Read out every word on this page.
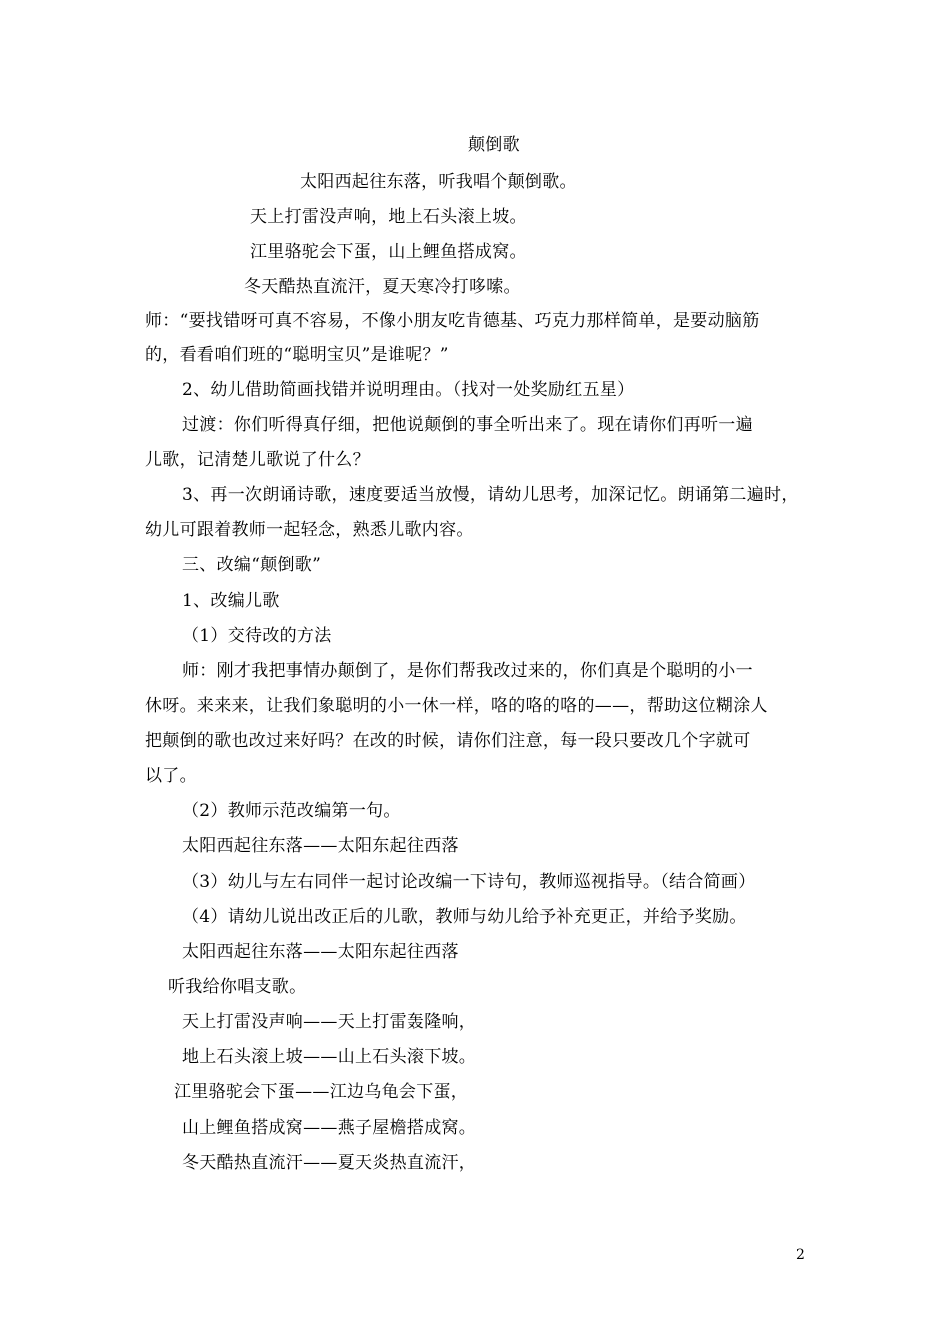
颠倒歌

太阳西起往东落，听我唱个颠倒歌。

天上打雷没声响，地上石头滚上坡。

江里骆驼会下蛋，山上鲤鱼搭成窝。

冬天酷热直流汗，夏天寒冷打哆嗦。

师：“要找错呀可真不容易，不像小朋友吃肯德基、巧克力那样简单，是要动脑筋

的，看看咱们班的“聪明宝贝”是谁呢？”

2、幼儿借助简画找错并说明理由。（找对一处奖励红五星）

过渡：你们听得真仔细，把他说颠倒的事全听出来了。现在请你们再听一遍

儿歌，记清楚儿歌说了什么？

3、再一次朗诵诗歌，速度要适当放慢，请幼儿思考，加深记忆。朗诵第二遍时，

幼儿可跟着教师一起轻念，熟悉儿歌内容。

三、改编“颠倒歌”

1、改编儿歌

（1）交待改的方法

师：刚才我把事情办颠倒了，是你们帮我改过来的，你们真是个聪明的小一

休呀。来来来，让我们象聪明的小一休一样，咯的咯的咯的——，帮助这位糊涂人

把颠倒的歌也改过来好吗？在改的时候，请你们注意，每一段只要改几个字就可

以了。

（2）教师示范改编第一句。

太阳西起往东落——太阳东起往西落

（3）幼儿与左右同伴一起讨论改编一下诗句，教师巡视指导。（结合简画）

（4）请幼儿说出改正后的儿歌，教师与幼儿给予补充更正，并给予奖励。

太阳西起往东落——太阳东起往西落

听我给你唱支歌。

天上打雷没声响——天上打雷轰隆响，

地上石头滚上坡——山上石头滚下坡。

江里骆驼会下蛋——江边乌龟会下蛋，

山上鲤鱼搭成窝——燕子屋檐搭成窝。

冬天酷热直流汗——夏天炎热直流汗，

2
